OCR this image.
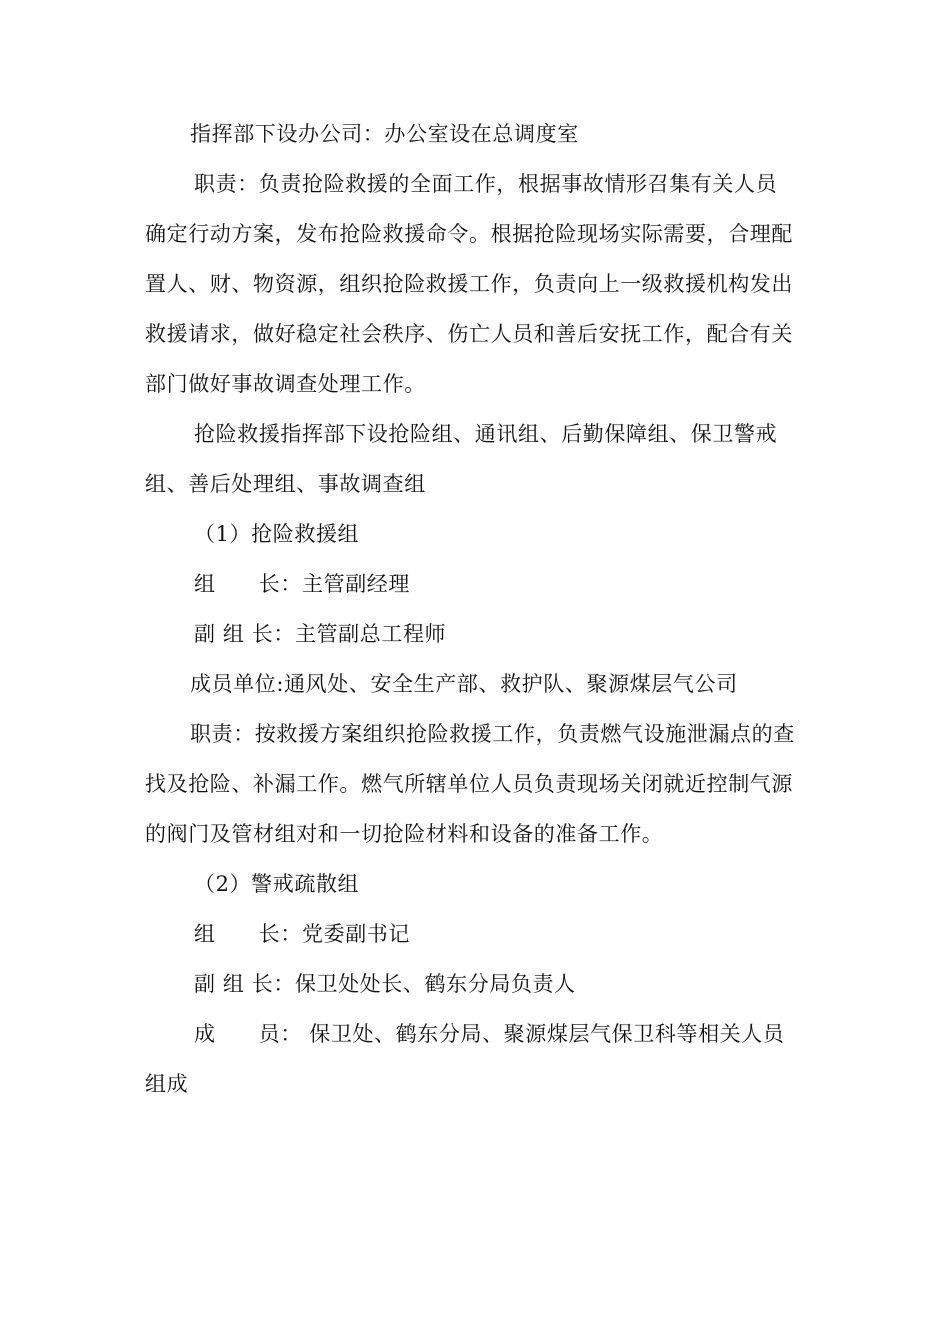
指挥部下设办公司：办公室设在总调度室
职责：负责抢险救援的全面工作，根据事故情形召集有关人员
确定行动方案，发布抢险救援命令。根据抢险现场实际需要，合理配
置人、财、物资源，组织抢险救援工作，负责向上一级救援机构发出
救援请求，做好稳定社会秩序、伤亡人员和善后安抚工作，配合有关
部门做好事故调查处理工作。
抢险救援指挥部下设抢险组、通讯组、后勤保障组、保卫警戒
组、善后处理组、事故调查组
（1）抢险救援组
组　　长：主管副经理
副 组 长：主管副总工程师
成员单位:通风处、安全生产部、救护队、聚源煤层气公司
职责：按救援方案组织抢险救援工作，负责燃气设施泄漏点的查
找及抢险、补漏工作。燃气所辖单位人员负责现场关闭就近控制气源
的阀门及管材组对和一切抢险材料和设备的准备工作。
（2）警戒疏散组
组　　长：党委副书记
副 组 长：保卫处处长、鹤东分局负责人
成　　员： 保卫处、鹤东分局、聚源煤层气保卫科等相关人员
组成
